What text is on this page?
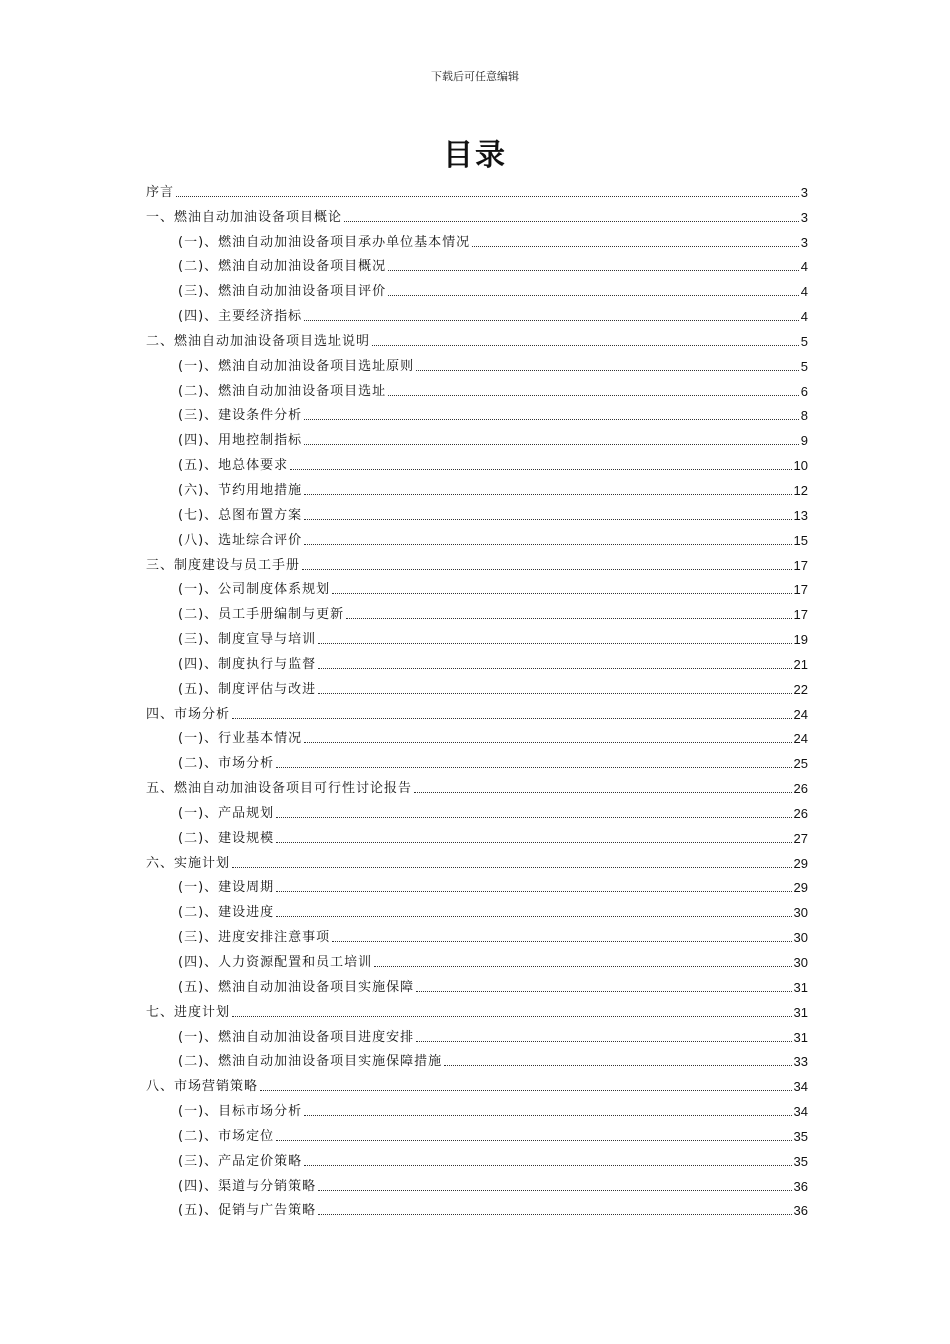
下载后可任意编辑
目录
序言	3
一、燃油自动加油设备项目概论	3
(一)、燃油自动加油设备项目承办单位基本情况	3
(二)、燃油自动加油设备项目概况	4
(三)、燃油自动加油设备项目评价	4
(四)、主要经济指标	4
二、燃油自动加油设备项目选址说明	5
(一)、燃油自动加油设备项目选址原则	5
(二)、燃油自动加油设备项目选址	6
(三)、建设条件分析	8
(四)、用地控制指标	9
(五)、地总体要求	10
(六)、节约用地措施	12
(七)、总图布置方案	13
(八)、选址综合评价	15
三、制度建设与员工手册	17
(一)、公司制度体系规划	17
(二)、员工手册编制与更新	17
(三)、制度宣导与培训	19
(四)、制度执行与监督	21
(五)、制度评估与改进	22
四、市场分析	24
(一)、行业基本情况	24
(二)、市场分析	25
五、燃油自动加油设备项目可行性讨论报告	26
(一)、产品规划	26
(二)、建设规模	27
六、实施计划	29
(一)、建设周期	29
(二)、建设进度	30
(三)、进度安排注意事项	30
(四)、人力资源配置和员工培训	30
(五)、燃油自动加油设备项目实施保障	31
七、进度计划	31
(一)、燃油自动加油设备项目进度安排	31
(二)、燃油自动加油设备项目实施保障措施	33
八、市场营销策略	34
(一)、目标市场分析	34
(二)、市场定位	35
(三)、产品定价策略	35
(四)、渠道与分销策略	36
(五)、促销与广告策略	36
